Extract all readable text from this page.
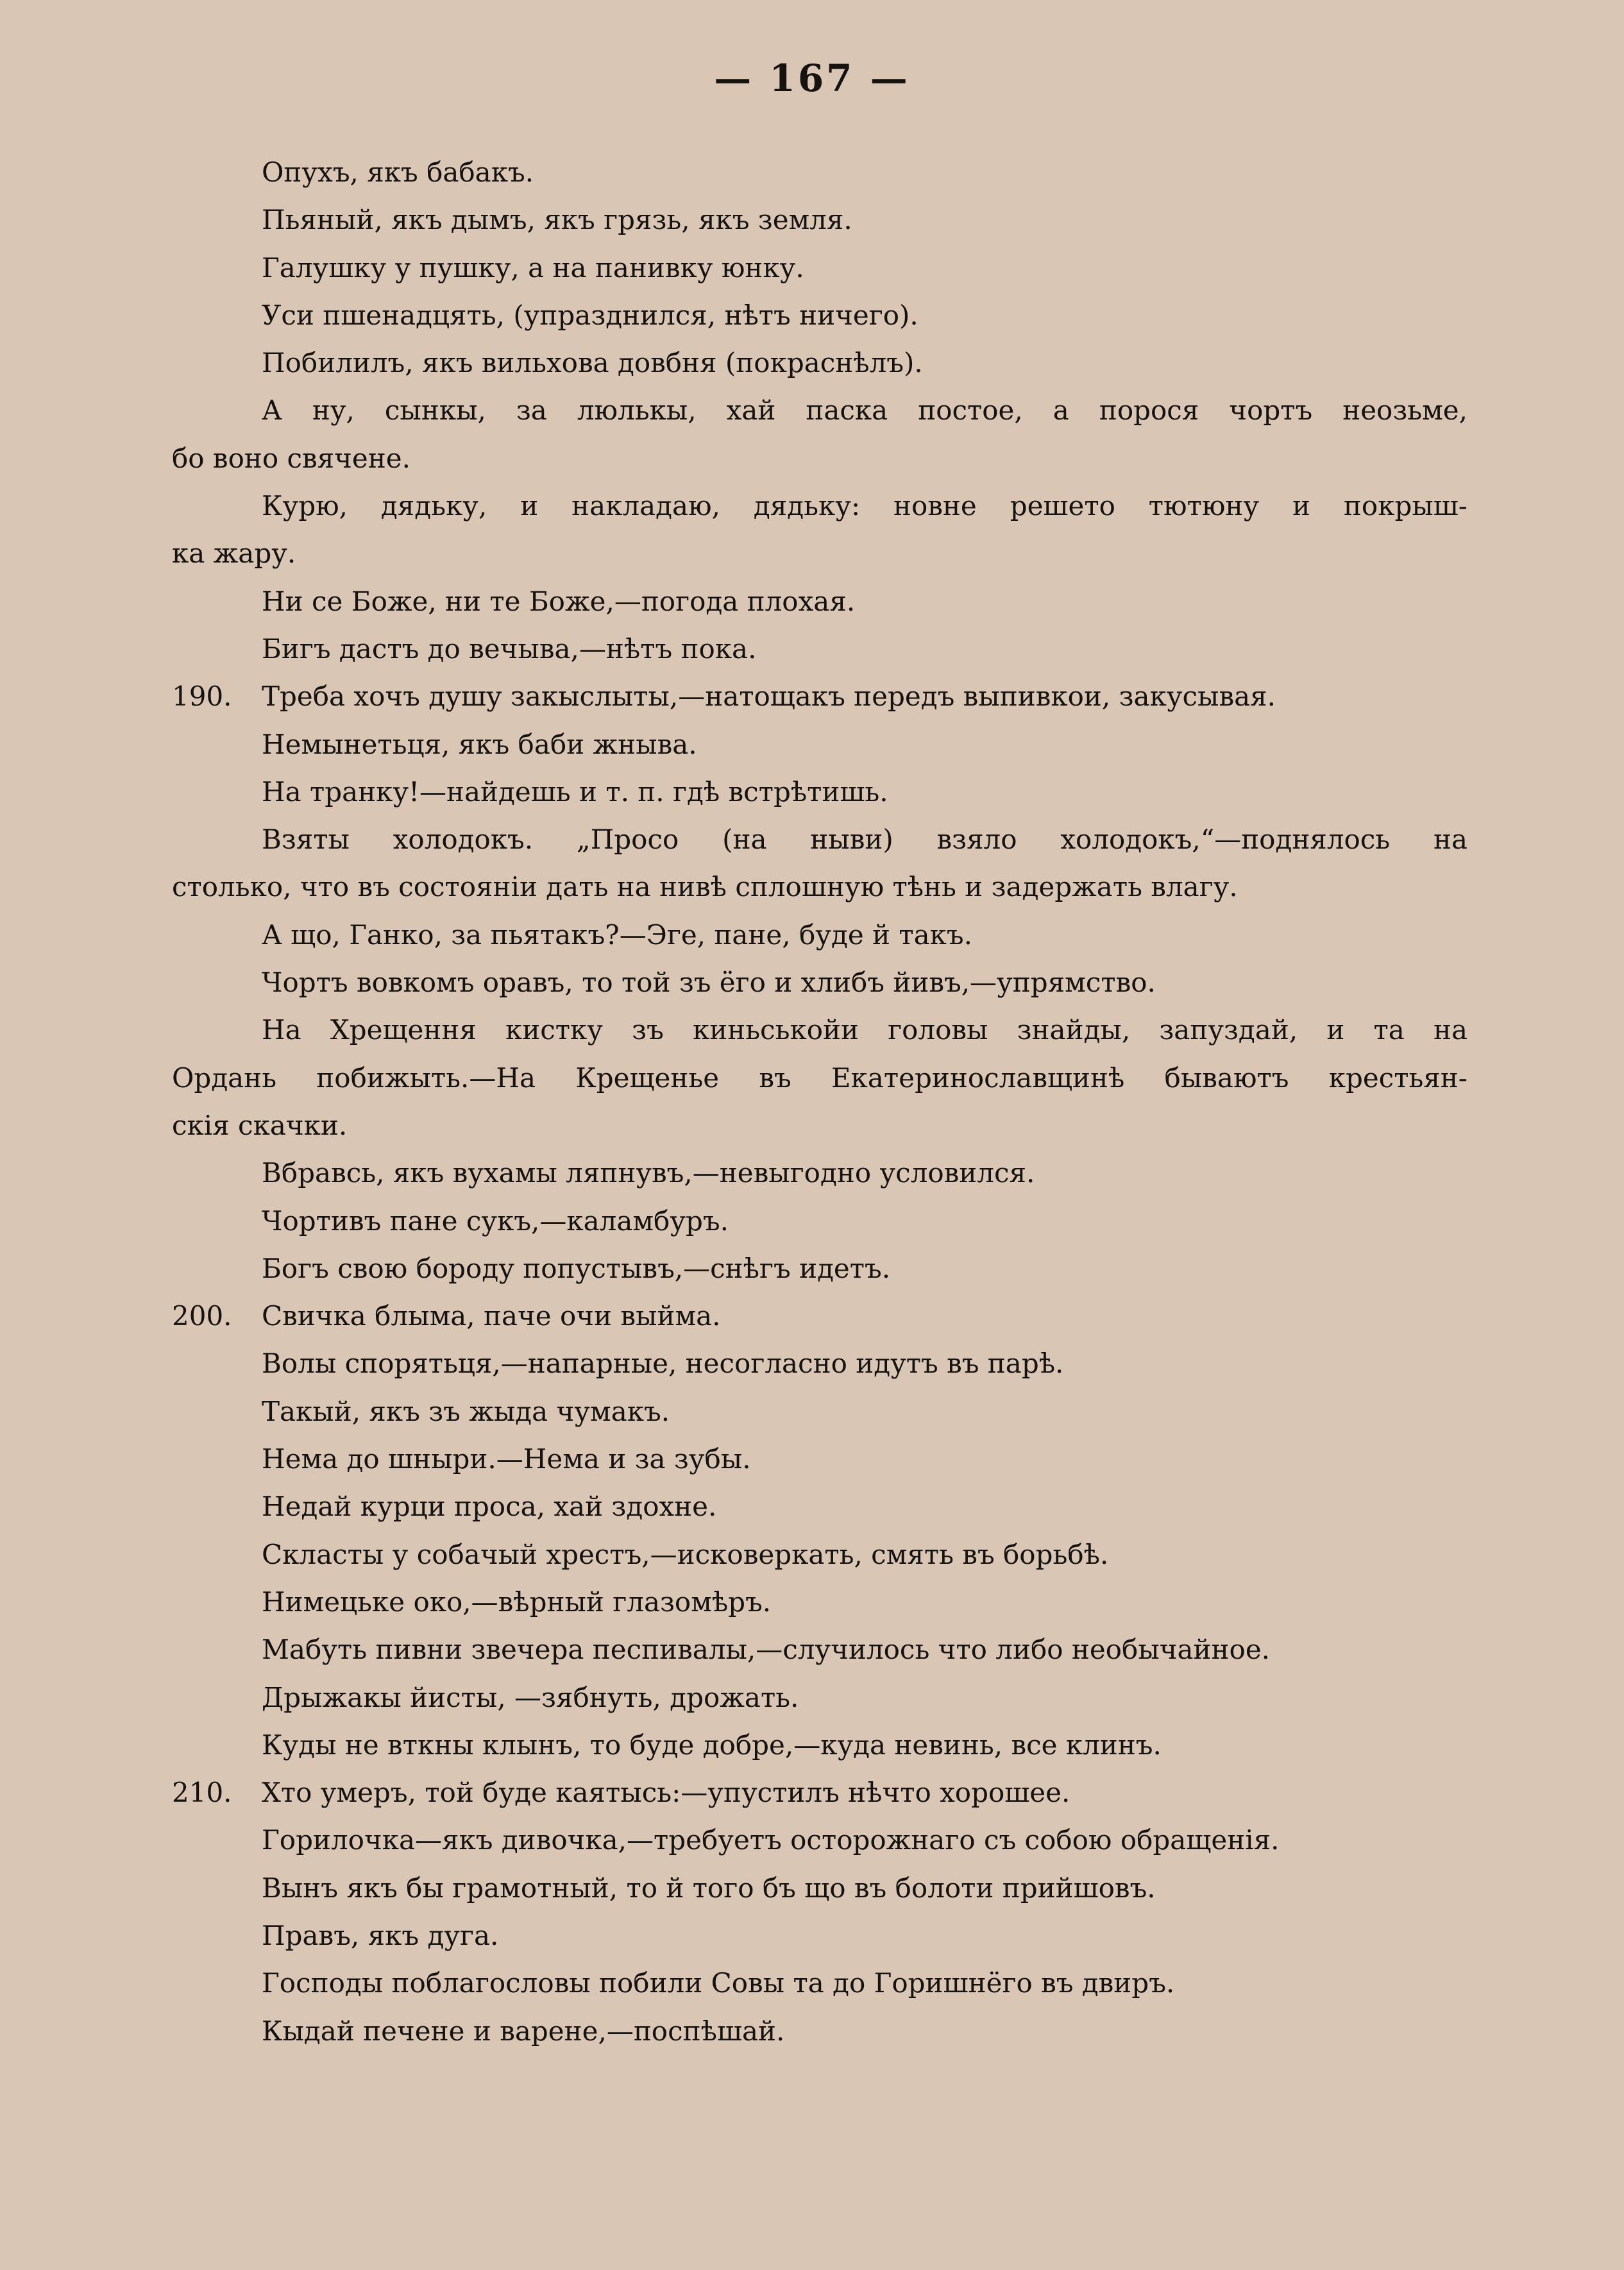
— 167 —
Опухъ, якъ бабакъ.
Пьяный, якъ дымъ, якъ грязь, якъ земля.
Галушку у пушку, а на панивку юнку.
Уси пшенадцять, (упразднился, нѣтъ ничего).
Побилилъ, якъ вильхова довбня (покраснѣлъ).
А ну, сынкы, за люлькы, хай паска постое, а порося чортъ неозьме,
бо воно свячене.
Курю, дядьку, и накладаю, дядьку: новне решето тютюну и покрыш-
ка жару.
Ни се Боже, ни те Боже,—погода плохая.
Бигъ дастъ до вечыва,—нѣтъ пока.
190.	Треба хочъ душу закыслыты,—натощакъ передъ выпивкои, закусывая.
Немынетьця, якъ баби жныва.
На транку!—найдешь и т. п. гдѣ встрѣтишь.
Взяты холодокъ. „Просо (на ныви) взяло холодокъ,“—поднялось на
столько, что въ состояніи дать на нивѣ сплошную тѣнь и задержать влагу.
А що, Ганко, за пьятакъ?—Эге, пане, буде й такъ.
Чортъ вовкомъ оравъ, то той зъ ёго и хлибъ йивъ,—упрямство.
На Хрещення кистку зъ киньськойи головы знайды, запуздай, и та на
Ордань побижыть.—На Крещенье въ Екатеринославщинѣ бываютъ крестьян-
скія скачки.
Вбравсь, якъ вухамы ляпнувъ,—невыгодно условился.
Чортивъ пане сукъ,—каламбуръ.
Богъ свою бороду попустывъ,—снѣгъ идетъ.
200.	Свичка блыма, паче очи выйма.
Волы спорятьця,—напарные, несогласно идутъ въ парѣ.
Такый, якъ зъ жыда чумакъ.
Нема до шныри.—Нема и за зубы.
Недай курци проса, хай здохне.
Скласты у собачый хрестъ,—исковеркать, смять въ борьбѣ.
Нимецьке око,—вѣрный глазомѣръ.
Мабуть пивни звечера песпивалы,—случилось что либо необычайное.
Дрыжакы йисты, —зябнуть, дрожать.
Куды не вткны клынъ, то буде добре,—куда невинь, все клинъ.
210.	Хто умеръ, той буде каятысь:—упустилъ нѣчто хорошее.
Горилочка—якъ дивочка,—требуетъ осторожнаго съ собою обращенія.
Вынъ якъ бы грамотный, то й того бъ що въ болоти прийшовъ.
Правъ, якъ дуга.
Господы поблагословы побили Совы та до Горишнёго въ двиръ.
Кыдай печене и варене,—поспѣшай.
